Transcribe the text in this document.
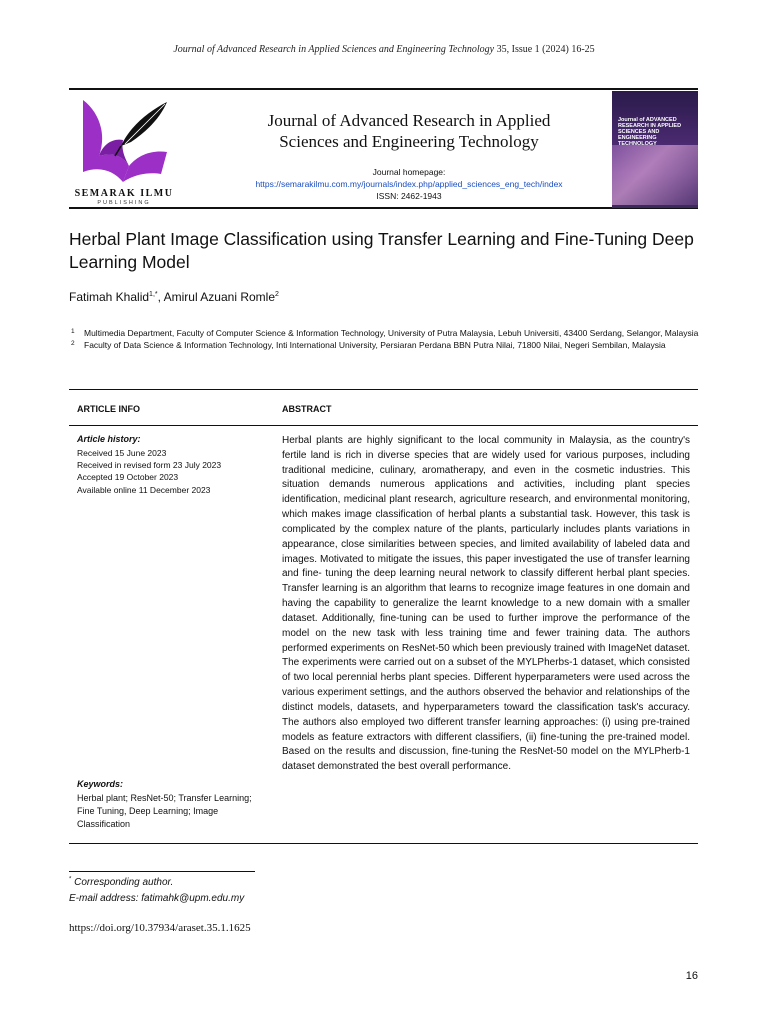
Journal of Advanced Research in Applied Sciences and Engineering Technology 35, Issue 1 (2024) 16-25
SEMARAK ILMU
PUBLISHING
Journal of Advanced Research in Applied
Sciences and Engineering Technology
Journal homepage:
https://semarakilmu.com.my/journals/index.php/applied_sciences_eng_tech/index
ISSN: 2462-1943
Journal of ADVANCED RESEARCH IN APPLIED SCIENCES AND ENGINEERING TECHNOLOGY
Herbal Plant Image Classification using Transfer Learning and Fine-Tuning Deep Learning Model
Fatimah Khalid$^{1,*}$, Amirul Azuani Romle$^2$
1 Multimedia Department, Faculty of Computer Science & Information Technology, University of Putra Malaysia, Lebuh Universiti, 43400 Serdang, Selangor, Malaysia
2 Faculty of Data Science & Information Technology, Inti International University, Persiaran Perdana BBN Putra Nilai, 71800 Nilai, Negeri Sembilan, Malaysia
ARTICLE INFO	ABSTRACT
Article history:
Received 15 June 2023
Received in revised form 23 July 2023
Accepted 19 October 2023
Available online 11 December 2023
Keywords:
Herbal plant; ResNet-50; Transfer Learning; Fine Tuning, Deep Learning; Image Classification
Herbal plants are highly significant to the local community in Malaysia, as the country's fertile land is rich in diverse species that are widely used for various purposes, including traditional medicine, culinary, aromatherapy, and even in the cosmetic industries. This situation demands numerous applications and activities, including plant species identification, medicinal plant research, agriculture research, and environmental monitoring, which makes image classification of herbal plants a substantial task. However, this task is complicated by the complex nature of the plants, particularly includes plants variations in appearance, close similarities between species, and limited availability of labeled data and images. Motivated to mitigate the issues, this paper investigated the use of transfer learning and fine- tuning the deep learning neural network to classify different herbal plant species. Transfer learning is an algorithm that learns to recognize image features in one domain and having the capability to generalize the learnt knowledge to a new domain with a smaller dataset. Additionally, fine-tuning can be used to further improve the performance of the model on the new task with less training time and fewer training data. The authors performed experiments on ResNet-50 which been previously trained with ImageNet dataset. The experiments were carried out on a subset of the MYLPherbs-1 dataset, which consisted of two local perennial herbs plant species. Different hyperparameters were used across the various experiment settings, and the authors observed the behavior and relationships of the distinct models, datasets, and hyperparameters toward the classification task's accuracy. The authors also employed two different transfer learning approaches: (i) using pre-trained models as feature extractors with different classifiers, (ii) fine-tuning the pre-trained model. Based on the results and discussion, fine-tuning the ResNet-50 model on the MYLPherb-1 dataset demonstrated the best overall performance.
* Corresponding author.
E-mail address: fatimahk@upm.edu.my
https://doi.org/10.37934/araset.35.1.1625
16
